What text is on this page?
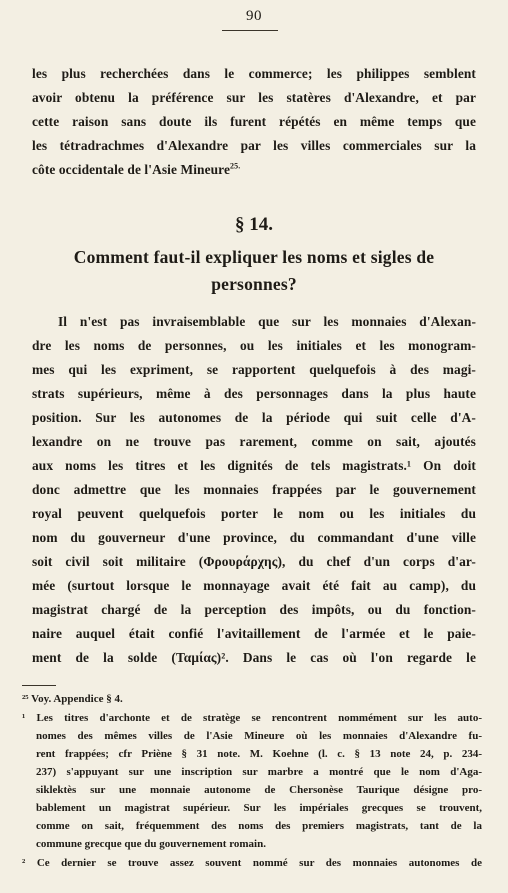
90
les plus recherchées dans le commerce; les philippes semblent
avoir obtenu la préférence sur les statères d'Alexandre, et par
cette raison sans doute ils furent répétés en même temps que
les tétradrachmes d'Alexandre par les villes commerciales sur la
côte occidentale de l'Asie Mineure$^{25.}$
§ 14.
Comment faut-il expliquer les noms et sigles de
personnes?
Il n'est pas invraisemblable que sur les monnaies d'Alexan-
dre les noms de personnes, ou les initiales et les monogram-
mes qui les expriment, se rapportent quelquefois à des magi-
strats supérieurs, même à des personnages dans la plus haute
position. Sur les autonomes de la période qui suit celle d'A-
lexandre on ne trouve pas rarement, comme on sait, ajoutés
aux noms les titres et les dignités de tels magistrats.¹ On doit
donc admettre que les monnaies frappées par le gouvernement
royal peuvent quelquefois porter le nom ou les initiales du
nom du gouverneur d'une province, du commandant d'une ville
soit civil soit militaire (Φρουράρχης), du chef d'un corps d'ar-
mée (surtout lorsque le monnayage avait été fait au camp), du
magistrat chargé de la perception des impôts, ou du fonction-
naire auquel était confié l'avitaillement de l'armée et le paie-
ment de la solde (Ταμίας)². Dans le cas où l'on regarde le
²⁵ Voy. Appendice § 4.
¹ Les titres d'archonte et de stratège se rencontrent nommément sur les auto-
nomes des mêmes villes de l'Asie Mineure où les monnaies d'Alexandre fu-
rent frappées; cfr Priène § 31 note. M. Koehne (l. c. § 13 note 24, p. 234-
237) s'appuyant sur une inscription sur marbre a montré que le nom d'Aga-
siklektès sur une monnaie autonome de Chersonèse Taurique désigne pro-
bablement un magistrat supérieur. Sur les impériales grecques se trouvent,
comme on sait, fréquemment des noms des premiers magistrats, tant de la
commune grecque que du gouvernement romain.
² Ce dernier se trouve assez souvent nommé sur des monnaies autonomes de
